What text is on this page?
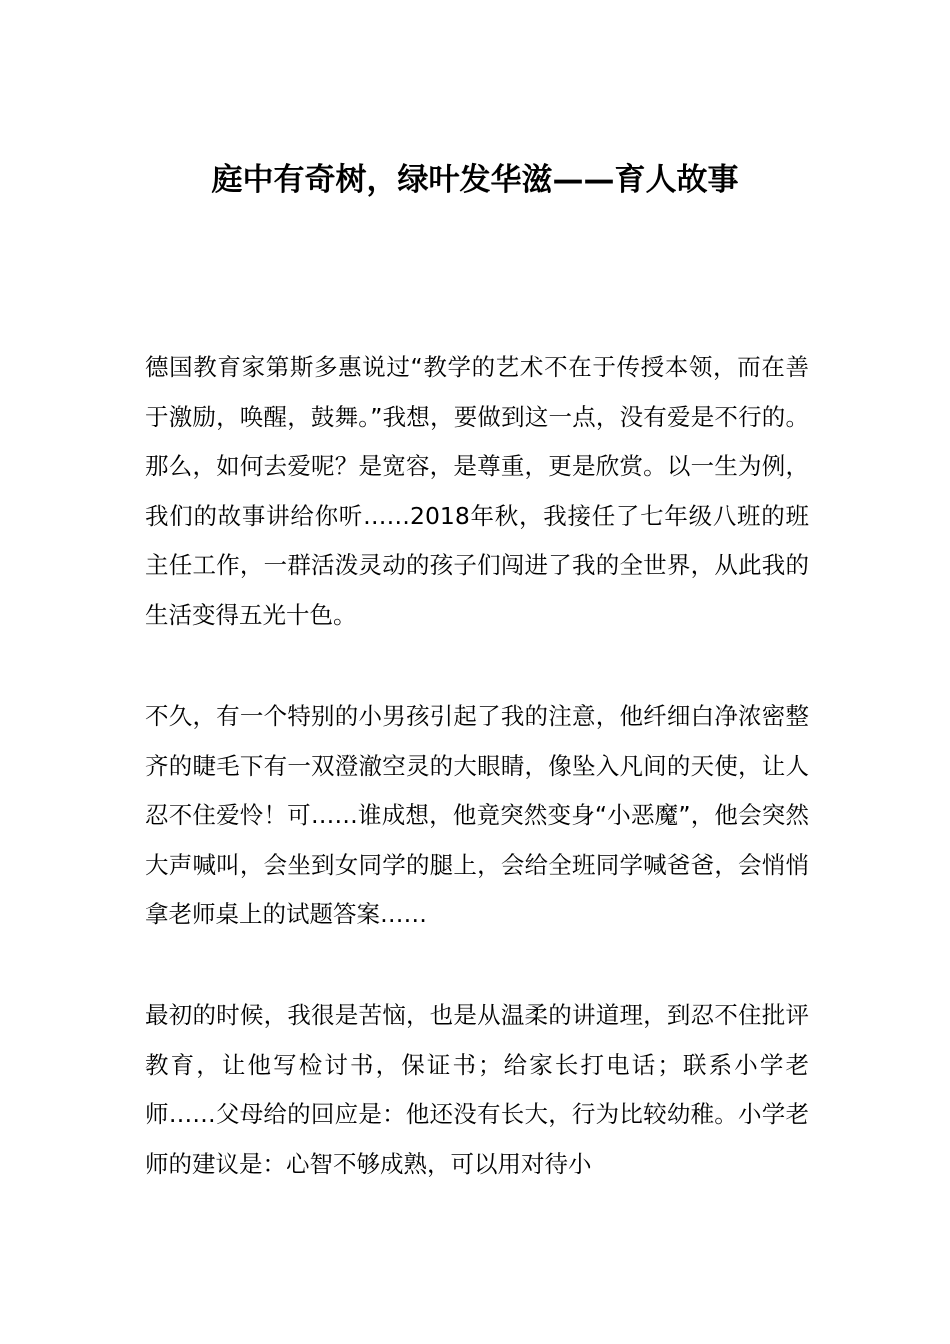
庭中有奇树，绿叶发华滋——育人故事

德国教育家第斯多惠说过“教学的艺术不在于传授本领，而在善于激励，唤醒，鼓舞。”我想，要做到这一点，没有爱是不行的。那么，如何去爱呢？是宽容，是尊重，更是欣赏。以一生为例，我们的故事讲给你听……2018年秋，我接任了七年级八班的班主任工作，一群活泼灵动的孩子们闯进了我的全世界，从此我的生活变得五光十色。

不久，有一个特别的小男孩引起了我的注意，他纤细白净浓密整齐的睫毛下有一双澄澈空灵的大眼睛，像坠入凡间的天使，让人忍不住爱怜！可……谁成想，他竟突然变身“小恶魔”，他会突然大声喊叫，会坐到女同学的腿上，会给全班同学喊爸爸，会悄悄拿老师桌上的试题答案……

最初的时候，我很是苦恼，也是从温柔的讲道理，到忍不住批评教育，让他写检讨书，保证书；给家长打电话；联系小学老师……父母给的回应是：他还没有长大，行为比较幼稚。小学老师的建议是：心智不够成熟，可以用对待小
